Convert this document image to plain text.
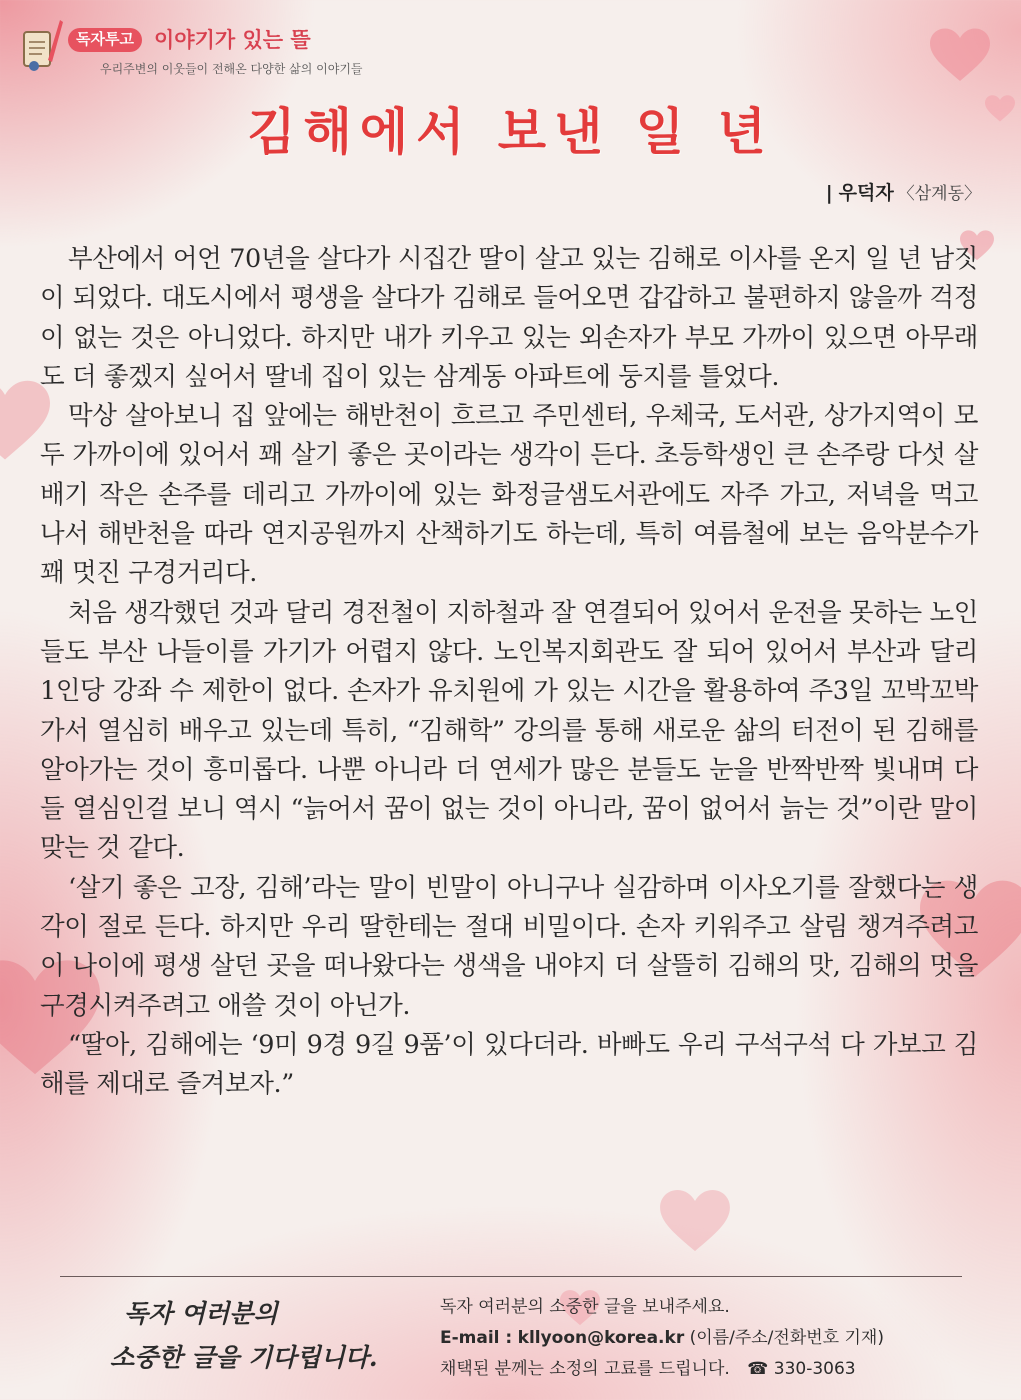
독자투고 이야기가 있는 뜰
우리주변의 이웃들이 전해온 다양한 삶의 이야기들
김해에서 보낸 일 년
| 우덕자 〈삼계동〉

부산에서 어언 70년을 살다가 시집간 딸이 살고 있는 김해로 이사를 온지 일 년 남짓이 되었다. 대도시에서 평생을 살다가 김해로 들어오면 갑갑하고 불편하지 않을까 걱정이 없는 것은 아니었다. 하지만 내가 키우고 있는 외손자가 부모 가까이 있으면 아무래도 더 좋겠지 싶어서 딸네 집이 있는 삼계동 아파트에 둥지를 틀었다.

막상 살아보니 집 앞에는 해반천이 흐르고 주민센터, 우체국, 도서관, 상가지역이 모두 가까이에 있어서 꽤 살기 좋은 곳이라는 생각이 든다. 초등학생인 큰 손주랑 다섯 살배기 작은 손주를 데리고 가까이에 있는 화정글샘도서관에도 자주 가고, 저녁을 먹고 나서 해반천을 따라 연지공원까지 산책하기도 하는데, 특히 여름철에 보는 음악분수가 꽤 멋진 구경거리다.

처음 생각했던 것과 달리 경전철이 지하철과 잘 연결되어 있어서 운전을 못하는 노인들도 부산 나들이를 가기가 어렵지 않다. 노인복지회관도 잘 되어 있어서 부산과 달리 1인당 강좌 수 제한이 없다. 손자가 유치원에 가 있는 시간을 활용하여 주3일 꼬박꼬박 가서 열심히 배우고 있는데 특히, “김해학” 강의를 통해 새로운 삶의 터전이 된 김해를 알아가는 것이 흥미롭다. 나뿐 아니라 더 연세가 많은 분들도 눈을 반짝반짝 빛내며 다들 열심인걸 보니 역시 “늙어서 꿈이 없는 것이 아니라, 꿈이 없어서 늙는 것”이란 말이 맞는 것 같다.

‘살기 좋은 고장, 김해’라는 말이 빈말이 아니구나 실감하며 이사오기를 잘했다는 생각이 절로 든다. 하지만 우리 딸한테는 절대 비밀이다. 손자 키워주고 살림 챙겨주려고 이 나이에 평생 살던 곳을 떠나왔다는 생색을 내야지 더 살뜰히 김해의 맛, 김해의 멋을 구경시켜주려고 애쓸 것이 아닌가.

“딸아, 김해에는 ‘9미 9경 9길 9품’이 있다더라. 바빠도 우리 구석구석 다 가보고 김해를 제대로 즐겨보자.”

독자 여러분의
소중한 글을 기다립니다.
독자 여러분의 소중한 글을 보내주세요.
E-mail : kllyoon@korea.kr (이름/주소/전화번호 기재)
채택된 분께는 소정의 고료를 드립니다. ☎ 330-3063
